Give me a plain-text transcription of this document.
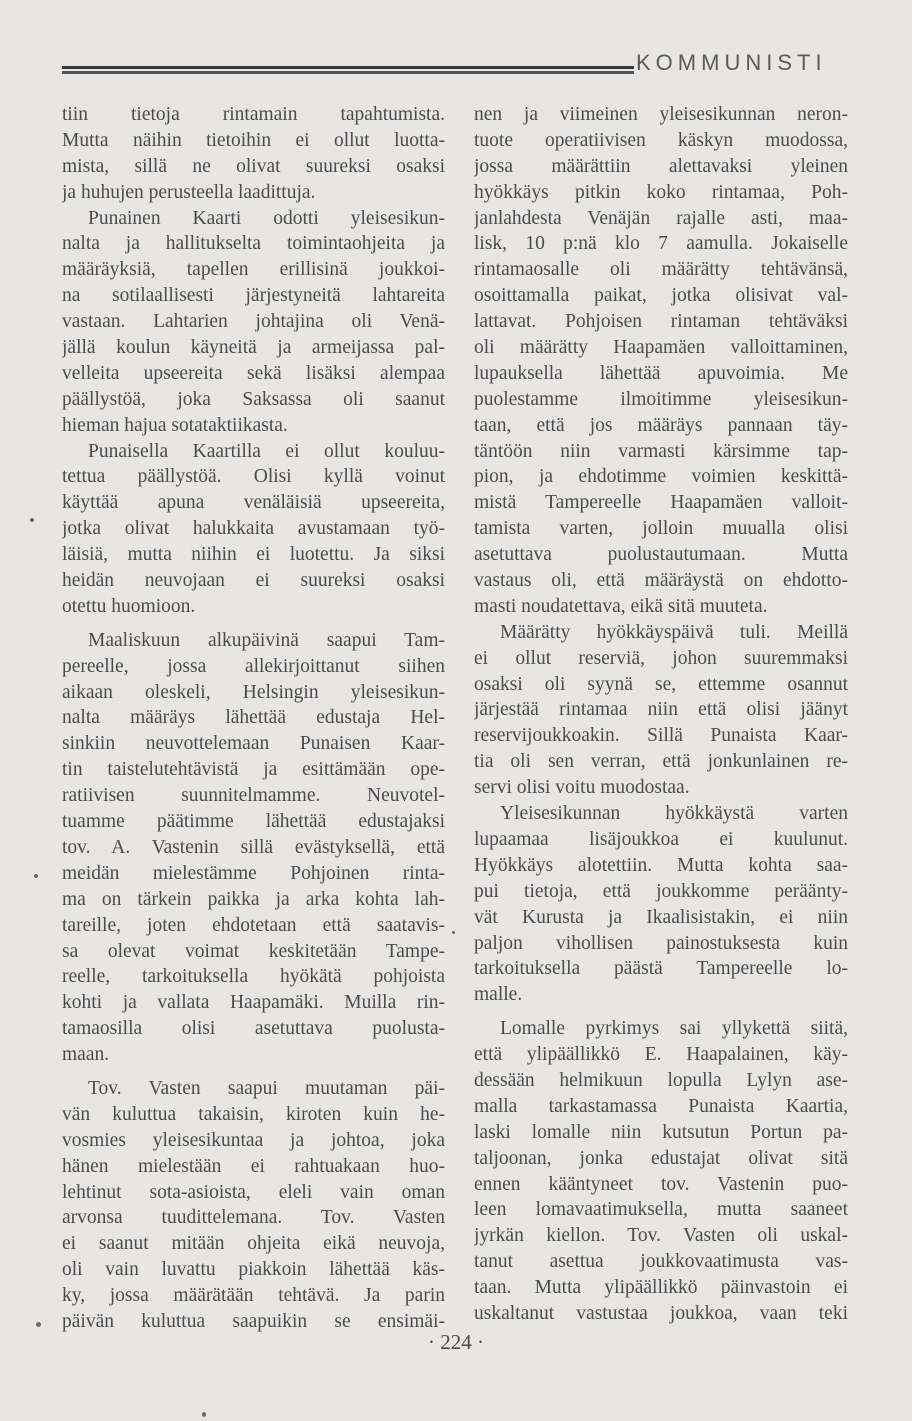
KOMMUNISTI
tiin tietoja rintamain tapahtumista.
Mutta näihin tietoihin ei ollut luotta-
mista, sillä ne olivat suureksi osaksi
ja huhujen perusteella laadittuja.
Punainen Kaarti odotti yleisesikun-
nalta ja hallitukselta toimintaohjeita ja
määräyksiä, tapellen erillisinä joukkoi-
na sotilaallisesti järjestyneitä lahtareita
vastaan. Lahtarien johtajina oli Venä-
jällä koulun käyneitä ja armeijassa pal-
velleita upseereita sekä lisäksi alempaa
päällystöä, joka Saksassa oli saanut
hieman hajua sotataktiikasta.
Punaisella Kaartilla ei ollut kouluu-
tettua päällystöä. Olisi kyllä voinut
käyttää apuna venäläisiä upseereita,
jotka olivat halukkaita avustamaan työ-
läisiä, mutta niihin ei luotettu. Ja siksi
heidän neuvojaan ei suureksi osaksi
otettu huomioon.
Maaliskuun alkupäivinä saapui Tam-
pereelle, jossa allekirjoittanut siihen
aikaan oleskeli, Helsingin yleisesikun-
nalta määräys lähettää edustaja Hel-
sinkiin neuvottelemaan Punaisen Kaar-
tin taistelutehtävistä ja esittämään ope-
ratiivisen suunnitelmamme. Neuvotel-
tuamme päätimme lähettää edustajaksi
tov. A. Vastenin sillä evästyksellä, että
meidän mielestämme Pohjoinen rinta-
ma on tärkein paikka ja arka kohta lah-
tareille, joten ehdotetaan että saatavis-
sa olevat voimat keskitetään Tampe-
reelle, tarkoituksella hyökätä pohjoista
kohti ja vallata Haapamäki. Muilla rin-
tamaosilla olisi asetuttava puolusta-
maan.
Tov. Vasten saapui muutaman päi-
vän kuluttua takaisin, kiroten kuin he-
vosmies yleisesikuntaa ja johtoa, joka
hänen mielestään ei rahtuakaan huo-
lehtinut sota-asioista, eleli vain oman
arvonsa tuudittelemana. Tov. Vasten
ei saanut mitään ohjeita eikä neuvoja,
oli vain luvattu piakkoin lähettää käs-
ky, jossa määrätään tehtävä. Ja parin
päivän kuluttua saapuikin se ensimäi-
nen ja viimeinen yleisesikunnan neron-
tuote operatiivisen käskyn muodossa,
jossa määrättiin alettavaksi yleinen
hyökkäys pitkin koko rintamaa, Poh-
janlahdesta Venäjän rajalle asti, maa-
lisk, 10 p:nä klo 7 aamulla. Jokaiselle
rintamaosalle oli määrätty tehtävänsä,
osoittamalla paikat, jotka olisivat val-
lattavat. Pohjoisen rintaman tehtäväksi
oli määrätty Haapamäen valloittaminen,
lupauksella lähettää apuvoimia. Me
puolestamme ilmoitimme yleisesikun-
taan, että jos määräys pannaan täy-
täntöön niin varmasti kärsimme tap-
pion, ja ehdotimme voimien keskittä-
mistä Tampereelle Haapamäen valloit-
tamista varten, jolloin muualla olisi
asetuttava puolustautumaan. Mutta
vastaus oli, että määräystä on ehdotto-
masti noudatettava, eikä sitä muuteta.
Määrätty hyökkäyspäivä tuli. Meillä
ei ollut reserviä, johon suuremmaksi
osaksi oli syynä se, ettemme osannut
järjestää rintamaa niin että olisi jäänyt
reservijoukkoakin. Sillä Punaista Kaar-
tia oli sen verran, että jonkunlainen re-
servi olisi voitu muodostaa.
Yleisesikunnan hyökkäystä varten
lupaamaa lisäjoukkoa ei kuulunut.
Hyökkäys alotettiin. Mutta kohta saa-
pui tietoja, että joukkomme peräänty-
vät Kurusta ja Ikaalisistakin, ei niin
paljon vihollisen painostuksesta kuin
tarkoituksella päästä Tampereelle lo-
malle.
Lomalle pyrkimys sai yllykettä siitä,
että ylipäällikkö E. Haapalainen, käy-
dessään helmikuun lopulla Lylyn ase-
malla tarkastamassa Punaista Kaartia,
laski lomalle niin kutsutun Portun pa-
taljoonan, jonka edustajat olivat sitä
ennen kääntyneet tov. Vastenin puo-
leen lomavaatimuksella, mutta saaneet
jyrkän kiellon. Tov. Vasten oli uskal-
tanut asettua joukkovaatimusta vas-
taan. Mutta ylipäällikkö päinvastoin ei
uskaltanut vastustaa joukkoa, vaan teki
· 224 ·
